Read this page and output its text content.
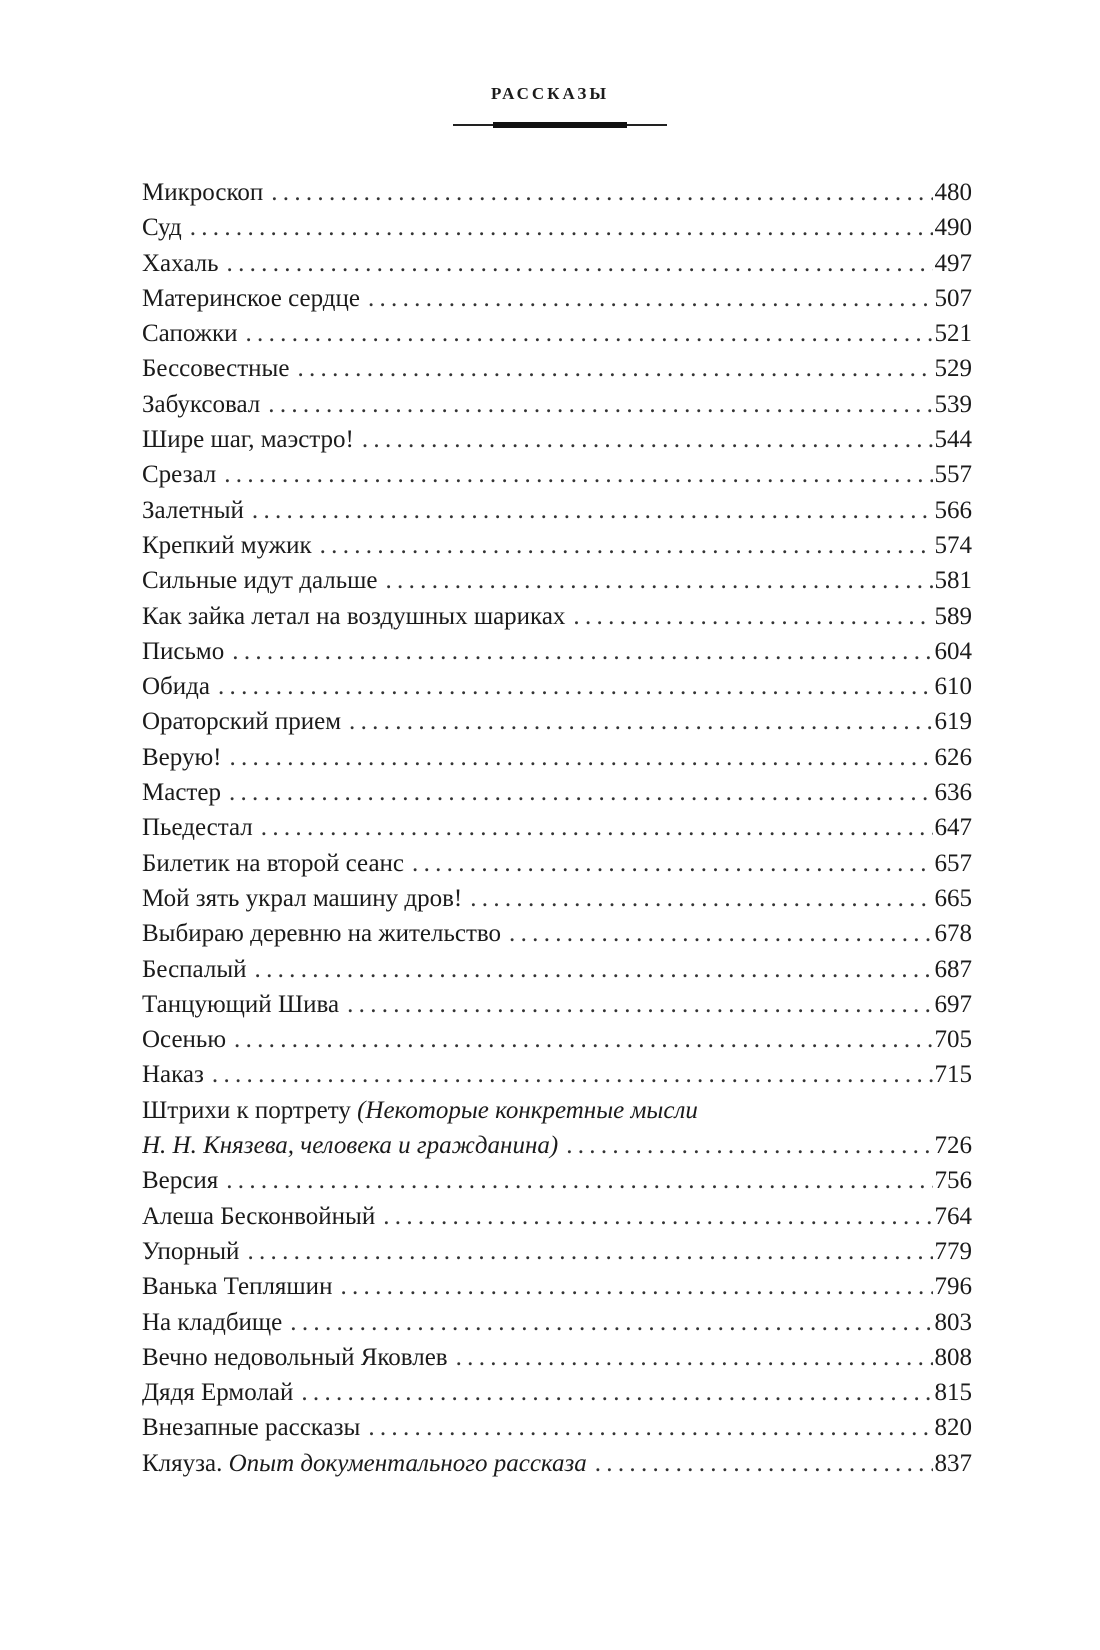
РАССКАЗЫ
Микроскоп .....	480
Суд .....	490
Хахаль .....	497
Материнское сердце .....	507
Сапожки .....	521
Бессовестные .....	529
Забуксовал .....	539
Шире шаг, маэстро! .....	544
Срезал .....	557
Залетный .....	566
Крепкий мужик .....	574
Сильные идут дальше .....	581
Как зайка летал на воздушных шариках .....	589
Письмо .....	604
Обида .....	610
Ораторский прием .....	619
Верую! .....	626
Мастер .....	636
Пьедестал .....	647
Билетик на второй сеанс .....	657
Мой зять украл машину дров! .....	665
Выбираю деревню на жительство .....	678
Беспалый .....	687
Танцующий Шива .....	697
Осенью .....	705
Наказ .....	715
Штрихи к портрету (Некоторые конкретные мысли
Н. Н. Князева, человека и гражданина) .....	726
Версия .....	756
Алеша Бесконвойный .....	764
Упорный .....	779
Ванька Тепляшин .....	796
На кладбище .....	803
Вечно недовольный Яковлев .....	808
Дядя Ермолай .....	815
Внезапные рассказы .....	820
Кляуза. Опыт документального рассказа .....	837
